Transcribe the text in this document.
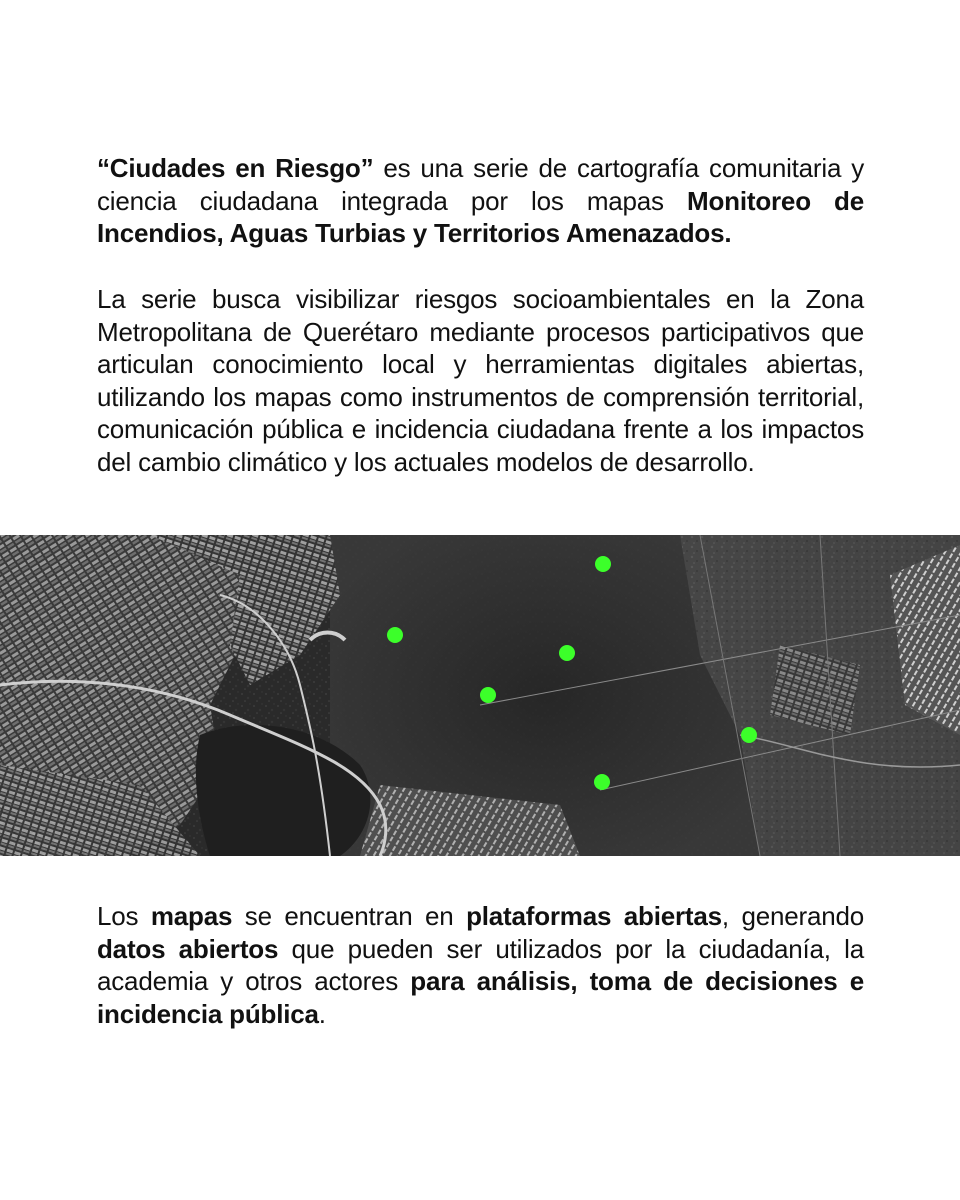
“Ciudades en Riesgo” es una serie de cartografía comunitaria y ciencia ciudadana integrada por los mapas Monitoreo de Incendios, Aguas Turbias y Territorios Amenazados.

La serie busca visibilizar riesgos socioambientales en la Zona Metropolitana de Querétaro mediante procesos participativos que articulan conocimiento local y herramientas digitales abiertas, utilizando los mapas como instrumentos de comprensión territorial, comunicación pública e incidencia ciudadana frente a los impactos del cambio climático y los actuales modelos de desarrollo.

Los mapas se encuentran en plataformas abiertas, generando datos abiertos que pueden ser utilizados por la ciudadanía, la academia y otros actores para análisis, toma de decisiones e incidencia pública.
